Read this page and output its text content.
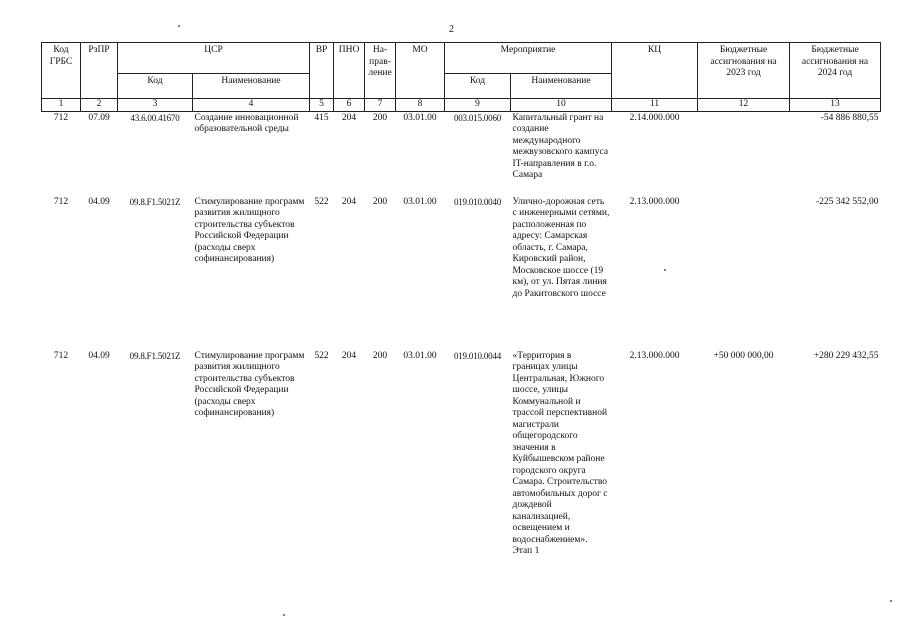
2
Код ГРБС	РзПР	ЦСР		ВР	ПНО	На-прав-ление	МО	Мероприятие		КЦ	Бюджетные ассигнования на 2023 год	Бюджетные ассигнования на 2024 год
		Код	Наименование					Код	Наименование			
1	2	3	4	5	6	7	8	9	10	11	12	13
712	07.09	43.6.00.41670	Создание инновационной образовательной среды	415	204	200	03.01.00	003.015.0060	Капитальный грант на создание международного межвузовского кампуса IT-направления в г.о. Самара	2.14.000.000		-54 886 880,55
712	04.09	09.8.F1.5021Z	Стимулирование программ развития жилищного строительства субъектов Российской Федерации (расходы сверх софинансирования)	522	204	200	03.01.00	019.010.0040	Улично-дорожная сеть с инженерными сетями, расположенная по адресу: Самарская область, г. Самара, Кировский район, Московское шоссе (19 км), от ул. Пятая линия до Ракитовского шоссе	2.13.000.000		-225 342 552,00
712	04.09	09.8.F1.5021Z	Стимулирование программ развития жилищного строительства субъектов Российской Федерации (расходы сверх софинансирования)	522	204	200	03.01.00	019.010.0044	«Территория в границах улицы Центральная, Южного шоссе, улицы Коммунальной и трассой перспективной магистрали общегородского значения в Куйбышевском районе городского округа Самара. Строительство автомобильных дорог с дождевой канализацией, освещением и водоснабжением». Этап 1	2.13.000.000	+50 000 000,00	+280 229 432,55
